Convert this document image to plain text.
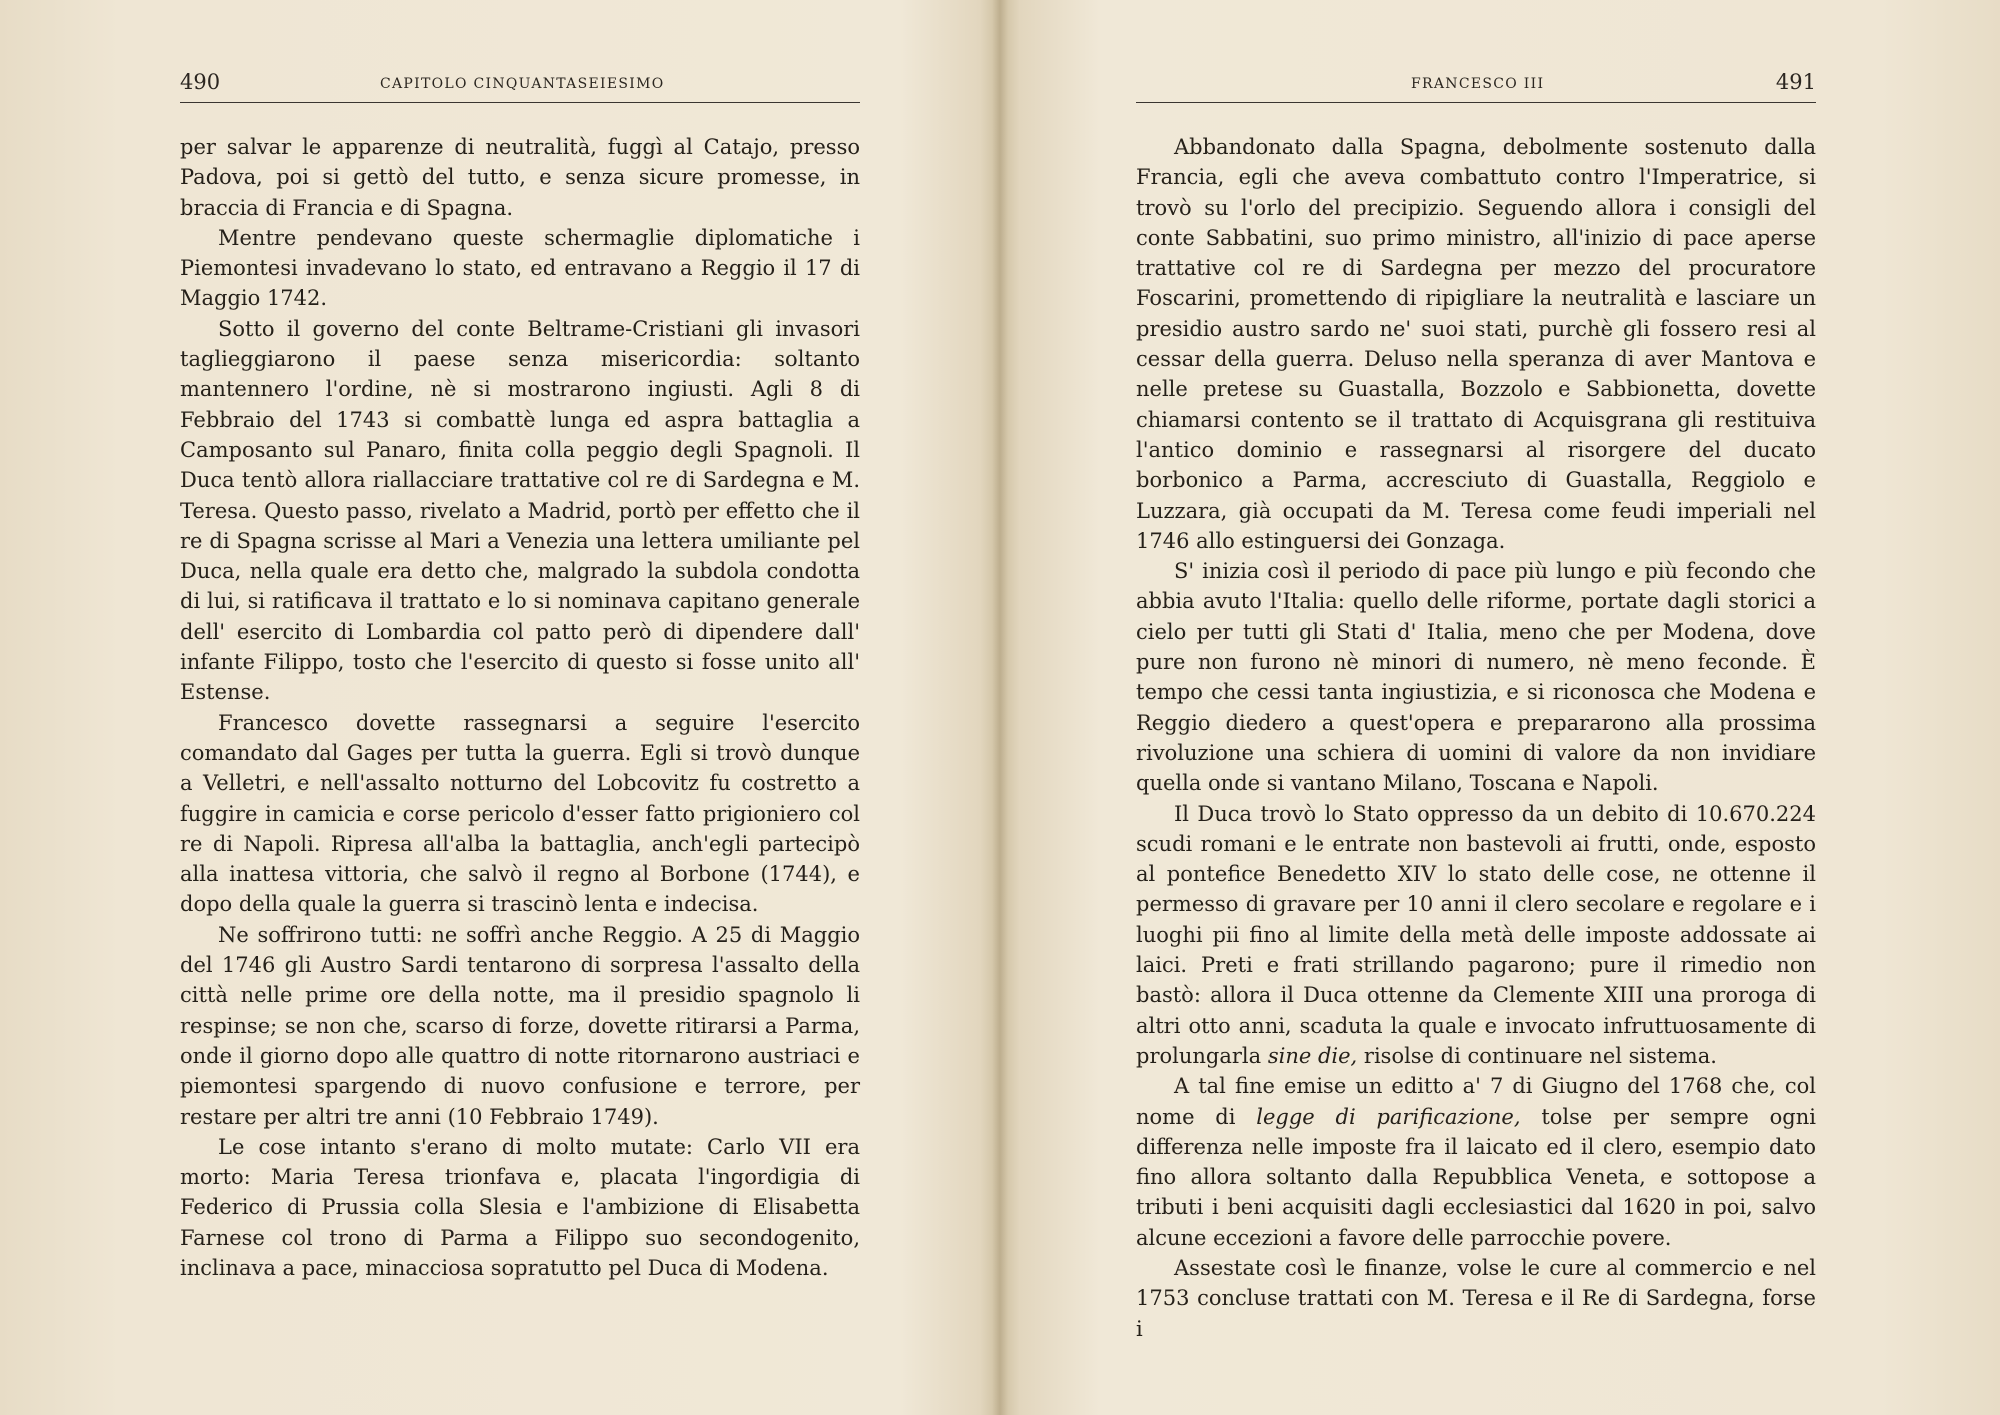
490	CAPITOLO CINQUANTASEIESIMO

per salvar le apparenze di neutralità, fuggì al Catajo, presso Padova, poi si gettò del tutto, e senza sicure promesse, in braccia di Francia e di Spagna.

Mentre pendevano queste schermaglie diplomatiche i Piemontesi invadevano lo stato, ed entravano a Reggio il 17 di Maggio 1742.

Sotto il governo del conte Beltrame-Cristiani gli invasori taglieggiarono il paese senza misericordia: soltanto mantennero l'ordine, nè si mostrarono ingiusti. Agli 8 di Febbraio del 1743 si combattè lunga ed aspra battaglia a Camposanto sul Panaro, finita colla peggio degli Spagnoli. Il Duca tentò allora riallacciare trattative col re di Sardegna e M. Teresa. Questo passo, rivelato a Madrid, portò per effetto che il re di Spagna scrisse al Mari a Venezia una lettera umiliante pel Duca, nella quale era detto che, malgrado la subdola condotta di lui, si ratificava il trattato e lo si nominava capitano generale dell' esercito di Lombardia col patto però di dipendere dall' infante Filippo, tosto che l'esercito di questo si fosse unito all' Estense.

Francesco dovette rassegnarsi a seguire l'esercito comandato dal Gages per tutta la guerra. Egli si trovò dunque a Velletri, e nell'assalto notturno del Lobcovitz fu costretto a fuggire in camicia e corse pericolo d'esser fatto prigioniero col re di Napoli. Ripresa all'alba la battaglia, anch'egli partecipò alla inattesa vittoria, che salvò il regno al Borbone (1744), e dopo della quale la guerra si trascinò lenta e indecisa.

Ne soffrirono tutti: ne soffrì anche Reggio. A 25 di Maggio del 1746 gli Austro Sardi tentarono di sorpresa l'assalto della città nelle prime ore della notte, ma il presidio spagnolo li respinse; se non che, scarso di forze, dovette ritirarsi a Parma, onde il giorno dopo alle quattro di notte ritornarono austriaci e piemontesi spargendo di nuovo confusione e terrore, per restare per altri tre anni (10 Febbraio 1749).

Le cose intanto s'erano di molto mutate: Carlo VII era morto: Maria Teresa trionfava e, placata l'ingordigia di Federico di Prussia colla Slesia e l'ambizione di Elisabetta Farnese col trono di Parma a Filippo suo secondogenito, inclinava a pace, minacciosa sopratutto pel Duca di Modena.

FRANCESCO III	491

Abbandonato dalla Spagna, debolmente sostenuto dalla Francia, egli che aveva combattuto contro l'Imperatrice, si trovò su l'orlo del precipizio. Seguendo allora i consigli del conte Sabbatini, suo primo ministro, all'inizio di pace aperse trattative col re di Sardegna per mezzo del procuratore Foscarini, promettendo di ripigliare la neutralità e lasciare un presidio austro sardo ne' suoi stati, purchè gli fossero resi al cessar della guerra. Deluso nella speranza di aver Mantova e nelle pretese su Guastalla, Bozzolo e Sabbionetta, dovette chiamarsi contento se il trattato di Acquisgrana gli restituiva l'antico dominio e rassegnarsi al risorgere del ducato borbonico a Parma, accresciuto di Guastalla, Reggiolo e Luzzara, già occupati da M. Teresa come feudi imperiali nel 1746 allo estinguersi dei Gonzaga.

S' inizia così il periodo di pace più lungo e più fecondo che abbia avuto l'Italia: quello delle riforme, portate dagli storici a cielo per tutti gli Stati d' Italia, meno che per Modena, dove pure non furono nè minori di numero, nè meno feconde. È tempo che cessi tanta ingiustizia, e si riconosca che Modena e Reggio diedero a quest'opera e prepararono alla prossima rivoluzione una schiera di uomini di valore da non invidiare quella onde si vantano Milano, Toscana e Napoli.

Il Duca trovò lo Stato oppresso da un debito di 10.670.224 scudi romani e le entrate non bastevoli ai frutti, onde, esposto al pontefice Benedetto XIV lo stato delle cose, ne ottenne il permesso di gravare per 10 anni il clero secolare e regolare e i luoghi pii fino al limite della metà delle imposte addossate ai laici. Preti e frati strillando pagarono; pure il rimedio non bastò: allora il Duca ottenne da Clemente XIII una proroga di altri otto anni, scaduta la quale e invocato infruttuosamente di prolungarla sine die, risolse di continuare nel sistema.

A tal fine emise un editto a' 7 di Giugno del 1768 che, col nome di legge di parificazione, tolse per sempre ogni differenza nelle imposte fra il laicato ed il clero, esempio dato fino allora soltanto dalla Repubblica Veneta, e sottopose a tributi i beni acquisiti dagli ecclesiastici dal 1620 in poi, salvo alcune eccezioni a favore delle parrocchie povere.

Assestate così le finanze, volse le cure al commercio e nel 1753 concluse trattati con M. Teresa e il Re di Sardegna, forse i
